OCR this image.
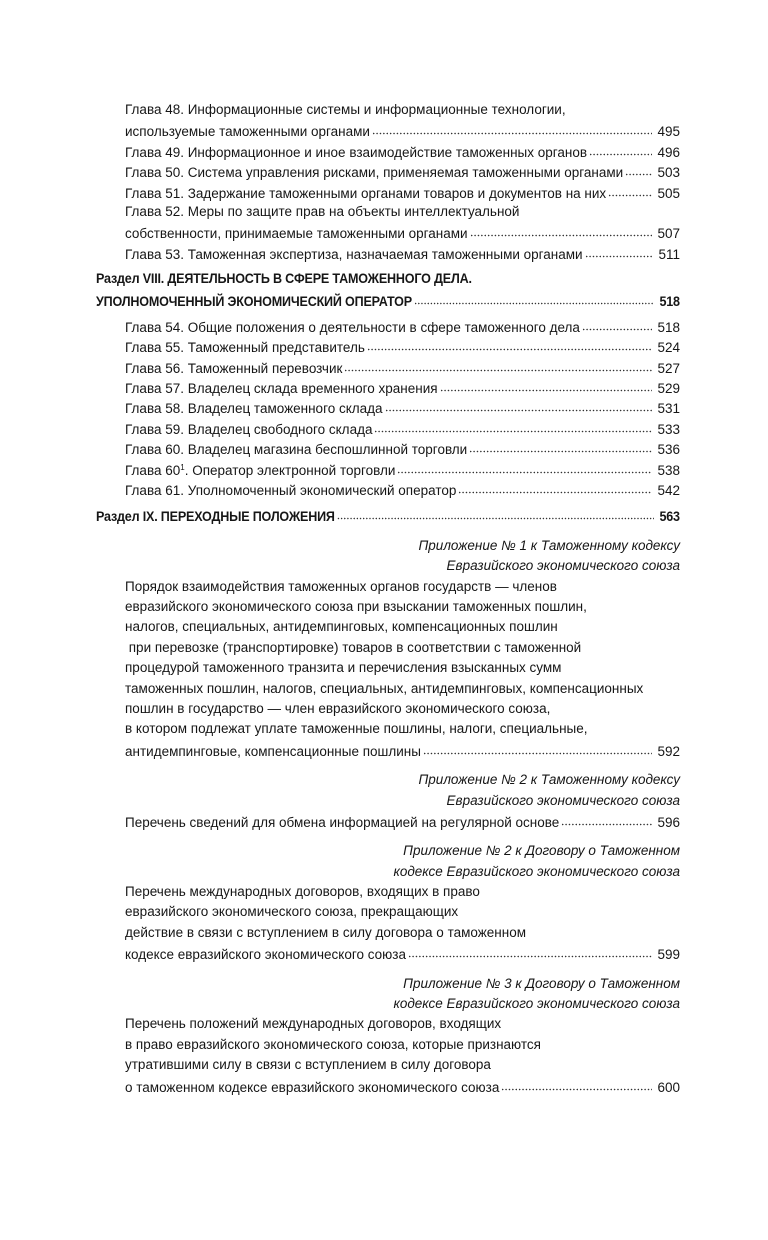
Глава 48. Информационные системы и информационные технологии,
используемые таможенными органами	495
Глава 49. Информационное и иное взаимодействие таможенных органов	496
Глава 50. Система управления рисками, применяемая таможенными органами	503
Глава 51. Задержание таможенными органами товаров и документов на них	505
Глава 52. Меры по защите прав на объекты интеллектуальной
собственности, принимаемые таможенными органами	507
Глава 53. Таможенная экспертиза, назначаемая таможенными органами	511
Раздел VIII. ДЕЯТЕЛЬНОСТЬ В СФЕРЕ ТАМОЖЕННОГО ДЕЛА.
УПОЛНОМОЧЕННЫЙ ЭКОНОМИЧЕСКИЙ ОПЕРАТОР	518
Глава 54. Общие положения о деятельности в сфере таможенного дела	518
Глава 55. Таможенный представитель	524
Глава 56. Таможенный перевозчик	527
Глава 57. Владелец склада временного хранения	529
Глава 58. Владелец таможенного склада	531
Глава 59. Владелец свободного склада	533
Глава 60. Владелец магазина беспошлинной торговли	536
Глава $60^1$. Оператор электронной торговли	538
Глава 61. Уполномоченный экономический оператор	542
Раздел IX. ПЕРЕХОДНЫЕ ПОЛОЖЕНИЯ	563
Приложение № 1 к Таможенному кодексу
Евразийского экономического союза
Порядок взаимодействия таможенных органов государств — членов
евразийского экономического союза при взыскании таможенных пошлин,
налогов, специальных, антидемпинговых, компенсационных пошлин
при перевозке (транспортировке) товаров в соответствии с таможенной
процедурой таможенного транзита и перечисления взысканных сумм
таможенных пошлин, налогов, специальных, антидемпинговых, компенсационных
пошлин в государство — член евразийского экономического союза,
в котором подлежат уплате таможенные пошлины, налоги, специальные,
антидемпинговые, компенсационные пошлины	592
Приложение № 2 к Таможенному кодексу
Евразийского экономического союза
Перечень сведений для обмена информацией на регулярной основе	596
Приложение № 2 к Договору о Таможенном
кодексе Евразийского экономического союза
Перечень международных договоров, входящих в право
евразийского экономического союза, прекращающих
действие в связи с вступлением в силу договора о таможенном
кодексе евразийского экономического союза	599
Приложение № 3 к Договору о Таможенном
кодексе Евразийского экономического союза
Перечень положений международных договоров, входящих
в право евразийского экономического союза, которые признаются
утратившими силу в связи с вступлением в силу договора
о таможенном кодексе евразийского экономического союза	600
